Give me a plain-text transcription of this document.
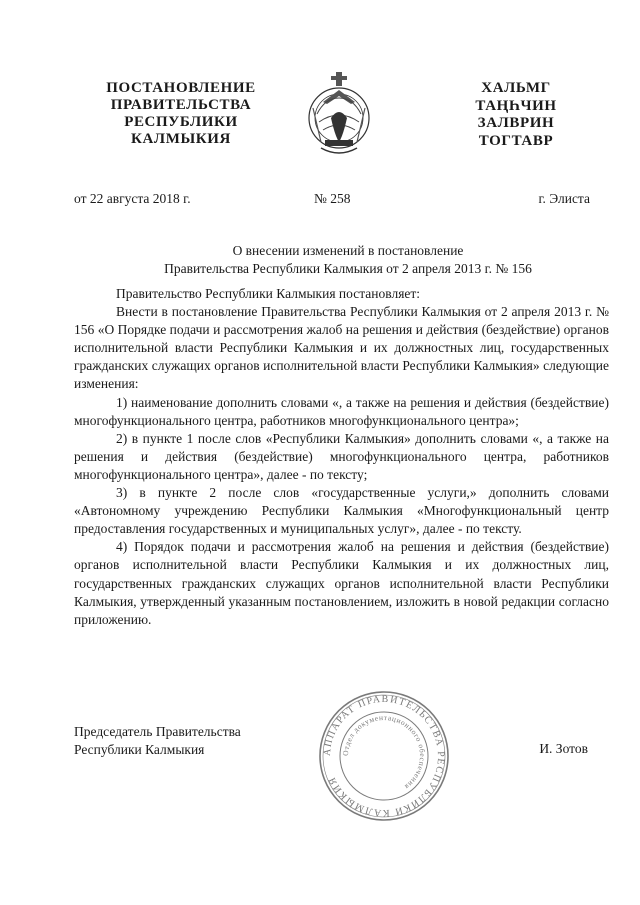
ПОСТАНОВЛЕНИЕ
ПРАВИТЕЛЬСТВА
РЕСПУБЛИКИ
КАЛМЫКИЯ
ХАЛЬМГ
ТАҢҺЧИН
ЗАЛВРИН
ТОГТАВР
от 22 августа 2018 г.	№ 258	г. Элиста
О внесении изменений в постановление
Правительства Республики Калмыкия от 2 апреля 2013 г. № 156

Правительство Республики Калмыкия постановляет:

Внести в постановление Правительства Республики Калмыкия от 2 апреля 2013 г. № 156 «О Порядке подачи и рассмотрения жалоб на решения и действия (бездействие) органов исполнительной власти Республики Калмыкия и их должностных лиц, государственных гражданских служащих органов исполнительной власти Республики Калмыкия» следующие изменения:

1) наименование дополнить словами «, а также на решения и действия (бездействие) многофункционального центра, работников многофункционального центра»;

2) в пункте 1 после слов «Республики Калмыкия» дополнить словами «, а также на решения и действия (бездействие) многофункционального центра, работников многофункционального центра», далее - по тексту;

3) в пункте 2 после слов «государственные услуги,» дополнить словами «Автономному учреждению Республики Калмыкия «Многофункциональный центр предоставления государственных и муниципальных услуг», далее - по тексту.

4) Порядок подачи и рассмотрения жалоб на решения и действия (бездействие) органов исполнительной власти Республики Калмыкия и их должностных лиц, государственных гражданских служащих органов исполнительной власти Республики Калмыкия, утвержденный указанным постановлением, изложить в новой редакции согласно приложению.

Председатель Правительства
Республики Калмыкия	АППАРАТ ПРАВИТЕЛЬСТВА РЕСПУБЛИКИ КАЛМЫКИЯ
Отдел документационного обеспечения
И. Зотов
